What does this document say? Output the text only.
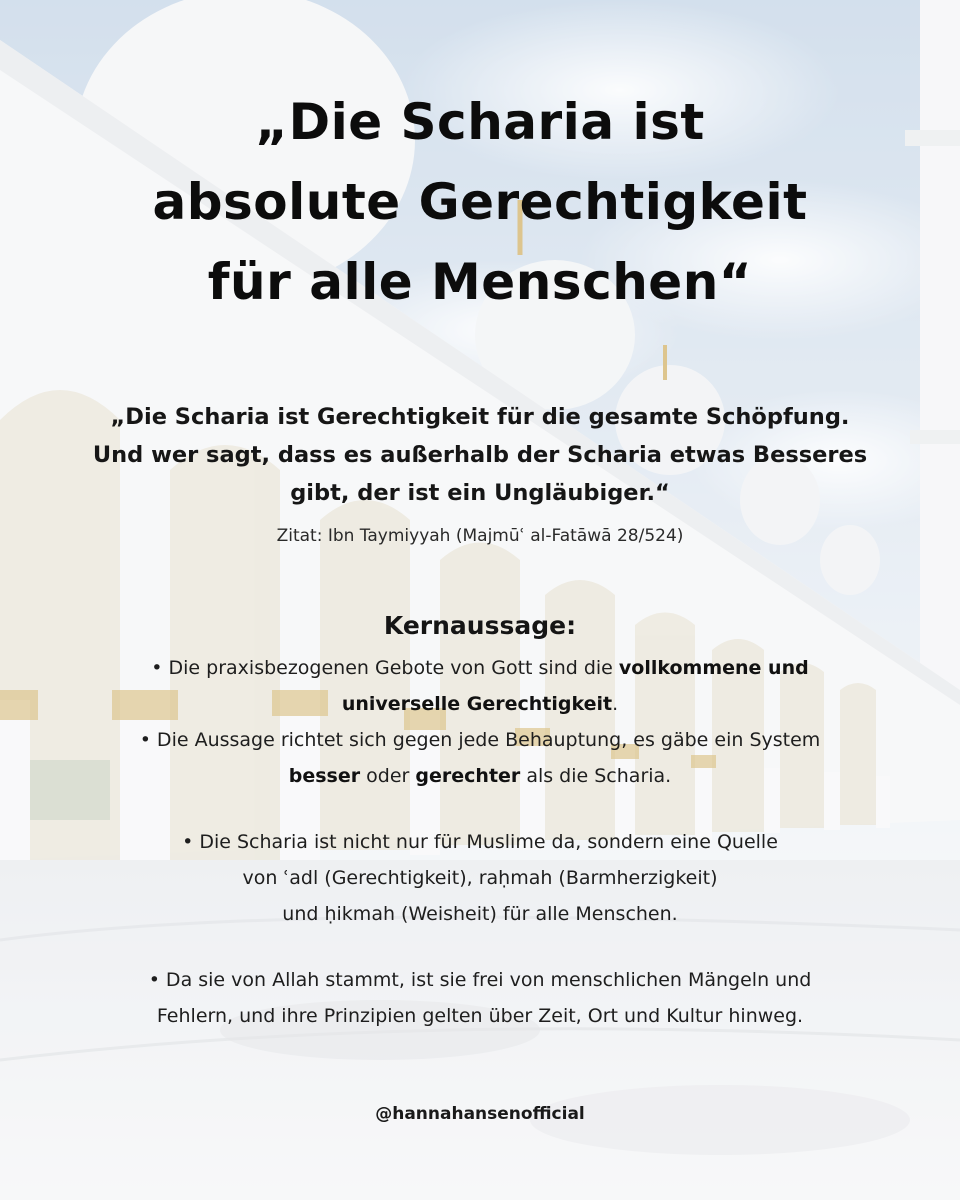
„Die Scharia ist
absolute Gerechtigkeit
für alle Menschen“
„Die Scharia ist Gerechtigkeit für die gesamte Schöpfung.
Und wer sagt, dass es außerhalb der Scharia etwas Besseres
gibt, der ist ein Ungläubiger.“
Zitat: Ibn Taymiyyah (Majmūʿ al-Fatāwā 28/524)
Kernaussage:
• Die praxisbezogenen Gebote von Gott sind die vollkommene und
universelle Gerechtigkeit.
• Die Aussage richtet sich gegen jede Behauptung, es gäbe ein System
besser oder gerechter als die Scharia.
• Die Scharia ist nicht nur für Muslime da, sondern eine Quelle
von ʿadl (Gerechtigkeit), raḥmah (Barmherzigkeit)
und ḥikmah (Weisheit) für alle Menschen.
• Da sie von Allah stammt, ist sie frei von menschlichen Mängeln und
Fehlern, und ihre Prinzipien gelten über Zeit, Ort und Kultur hinweg.
@hannahansenofficial
